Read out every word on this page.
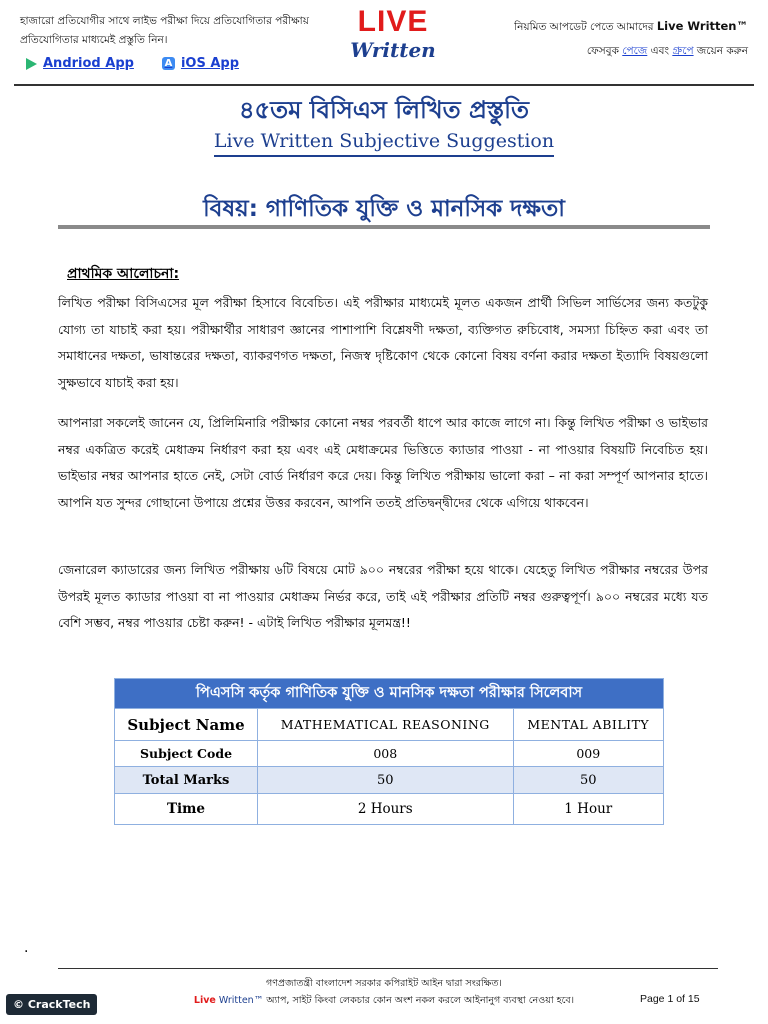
হাজারো প্রতিযোগীর সাথে লাইভ পরীক্ষা দিয়ে প্রতিযোগিতার পরীক্ষায়
প্রতিযোগিতার মাধ্যমেই প্রস্তুতি নিন।
Andriod App	A iOS App
LIVE
Written
নিয়মিত আপডেট পেতে আমাদের Live Written™
ফেসবুক পেজে এবং গ্রুপে জয়েন করুন
৪৫তম বিসিএস লিখিত প্রস্তুতি
Live Written Subjective Suggestion
বিষয়: গাণিতিক যুক্তি ও মানসিক দক্ষতা
প্রাথমিক আলোচনা:
লিখিত পরীক্ষা বিসিএসের মূল পরীক্ষা হিসাবে বিবেচিত। এই পরীক্ষার মাধ্যমেই মূলত একজন প্রার্থী সিভিল সার্ভিসের জন্য কতটুকু যোগ্য তা যাচাই করা হয়। পরীক্ষার্থীর সাধারণ জ্ঞানের পাশাপাশি বিশ্লেষণী দক্ষতা, ব্যক্তিগত রুচিবোধ, সমস্যা চিহ্নিত করা এবং তা সমাধানের দক্ষতা, ভাষান্তরের দক্ষতা, ব্যাকরণগত দক্ষতা, নিজস্ব দৃষ্টিকোণ থেকে কোনো বিষয় বর্ণনা করার দক্ষতা ইত্যাদি বিষয়গুলো সুক্ষভাবে যাচাই করা হয়।
আপনারা সকলেই জানেন যে, প্রিলিমিনারি পরীক্ষার কোনো নম্বর পরবর্তী ধাপে আর কাজে লাগে না। কিন্তু লিখিত পরীক্ষা ও ভাইভার নম্বর একত্রিত করেই মেধাক্রম নির্ধারণ করা হয় এবং এই মেধাক্রমের ভিত্তিতে ক্যাডার পাওয়া - না পাওয়ার বিষয়টি নিবেচিত হয়। ভাইভার নম্বর আপনার হাতে নেই, সেটা বোর্ড নির্ধারণ করে দেয়। কিন্তু লিখিত পরীক্ষায় ভালো করা – না করা সম্পূর্ণ আপনার হাতে। আপনি যত সুন্দর গোছানো উপায়ে প্রশ্নের উত্তর করবেন, আপনি ততই প্রতিদ্বন্দ্বীদের থেকে এগিয়ে থাকবেন।
জেনারেল ক্যাডারের জন্য লিখিত পরীক্ষায় ৬টি বিষয়ে মোট ৯০০ নম্বরের পরীক্ষা হয়ে থাকে। যেহেতু লিখিত পরীক্ষার নম্বরের উপর উপরই মূলত ক্যাডার পাওয়া বা না পাওয়ার মেধাক্রম নির্ভর করে, তাই এই পরীক্ষার প্রতিটি নম্বর গুরুত্বপূর্ণ। ৯০০ নম্বরের মধ্যে যত বেশি সম্ভব, নম্বর পাওয়ার চেষ্টা করুন! - এটাই লিখিত পরীক্ষার মূলমন্ত্র!!
পিএসসি কর্তৃক গাণিতিক যুক্তি ও মানসিক দক্ষতা পরীক্ষার সিলেবাস		
Subject Name	MATHEMATICAL REASONING	MENTAL ABILITY
Subject Code	008	009
Total Marks	50	50
Time	2 Hours	1 Hour
.
গণপ্রজাতন্ত্রী বাংলাদেশ সরকার কপিরাইট আইন দ্বারা সংরক্ষিত।
Live Written™ অ্যাপ, সাইট কিংবা লেকচার কোন অংশ নকল করলে আইনানুগ ব্যবস্থা নেওয়া হবে।
© CrackTech	Page 1 of 15
